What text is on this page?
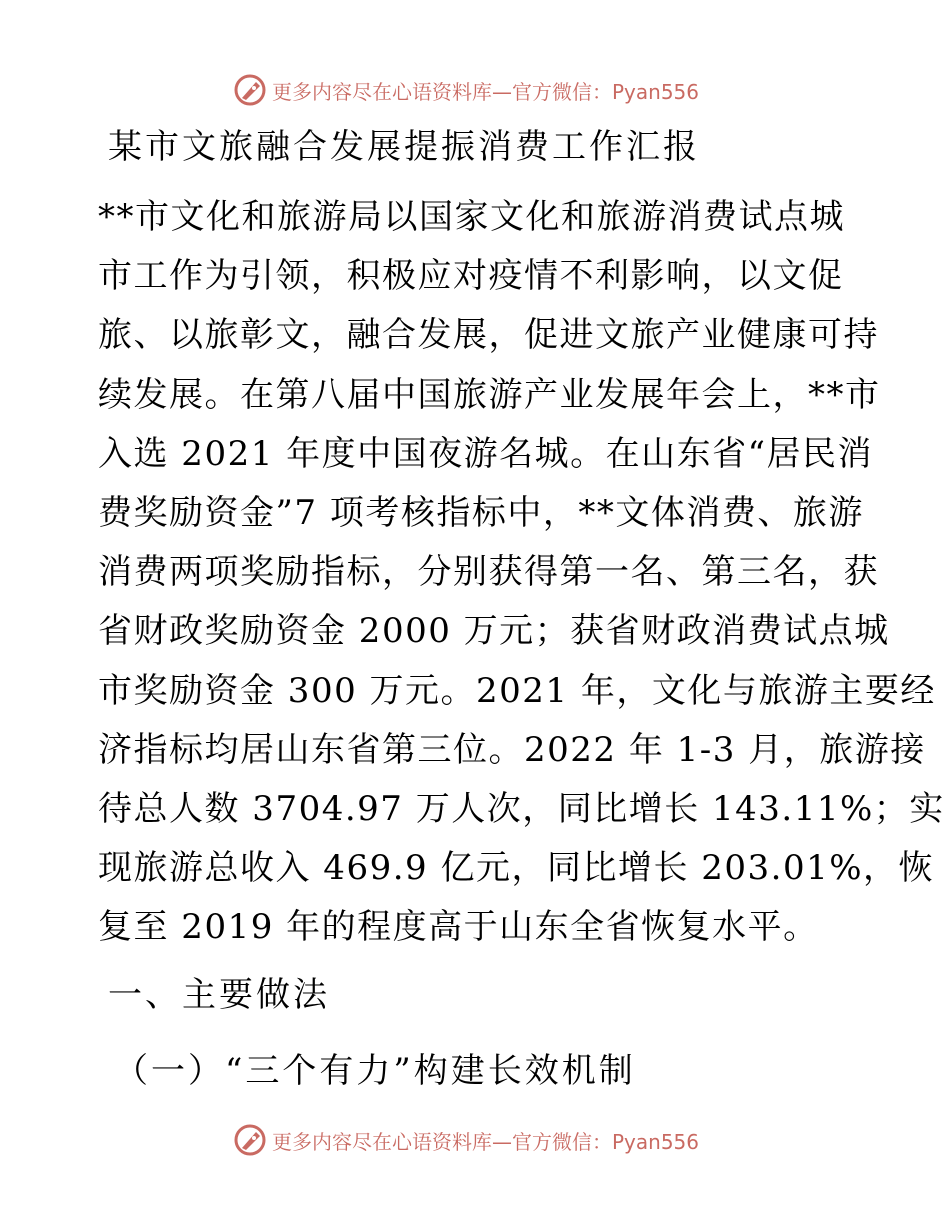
更多内容尽在心语资料库—官方微信：Pyan556
某市文旅融合发展提振消费工作汇报
**市文化和旅游局以国家文化和旅游消费试点城
市工作为引领，积极应对疫情不利影响，以文促
旅、以旅彰文，融合发展，促进文旅产业健康可持
续发展。在第八届中国旅游产业发展年会上，**市
入选 2021 年度中国夜游名城。在山东省“居民消
费奖励资金”7 项考核指标中，**文体消费、旅游
消费两项奖励指标，分别获得第一名、第三名，获
省财政奖励资金 2000 万元；获省财政消费试点城
市奖励资金 300 万元。2021 年，文化与旅游主要经
济指标均居山东省第三位。2022 年 1-3 月，旅游接
待总人数 3704.97 万人次，同比增长 143.11%；实
现旅游总收入 469.9 亿元，同比增长 203.01%，恢
复至 2019 年的程度高于山东全省恢复水平。
一、主要做法
（一）“三个有力”构建长效机制
更多内容尽在心语资料库—官方微信：Pyan556
